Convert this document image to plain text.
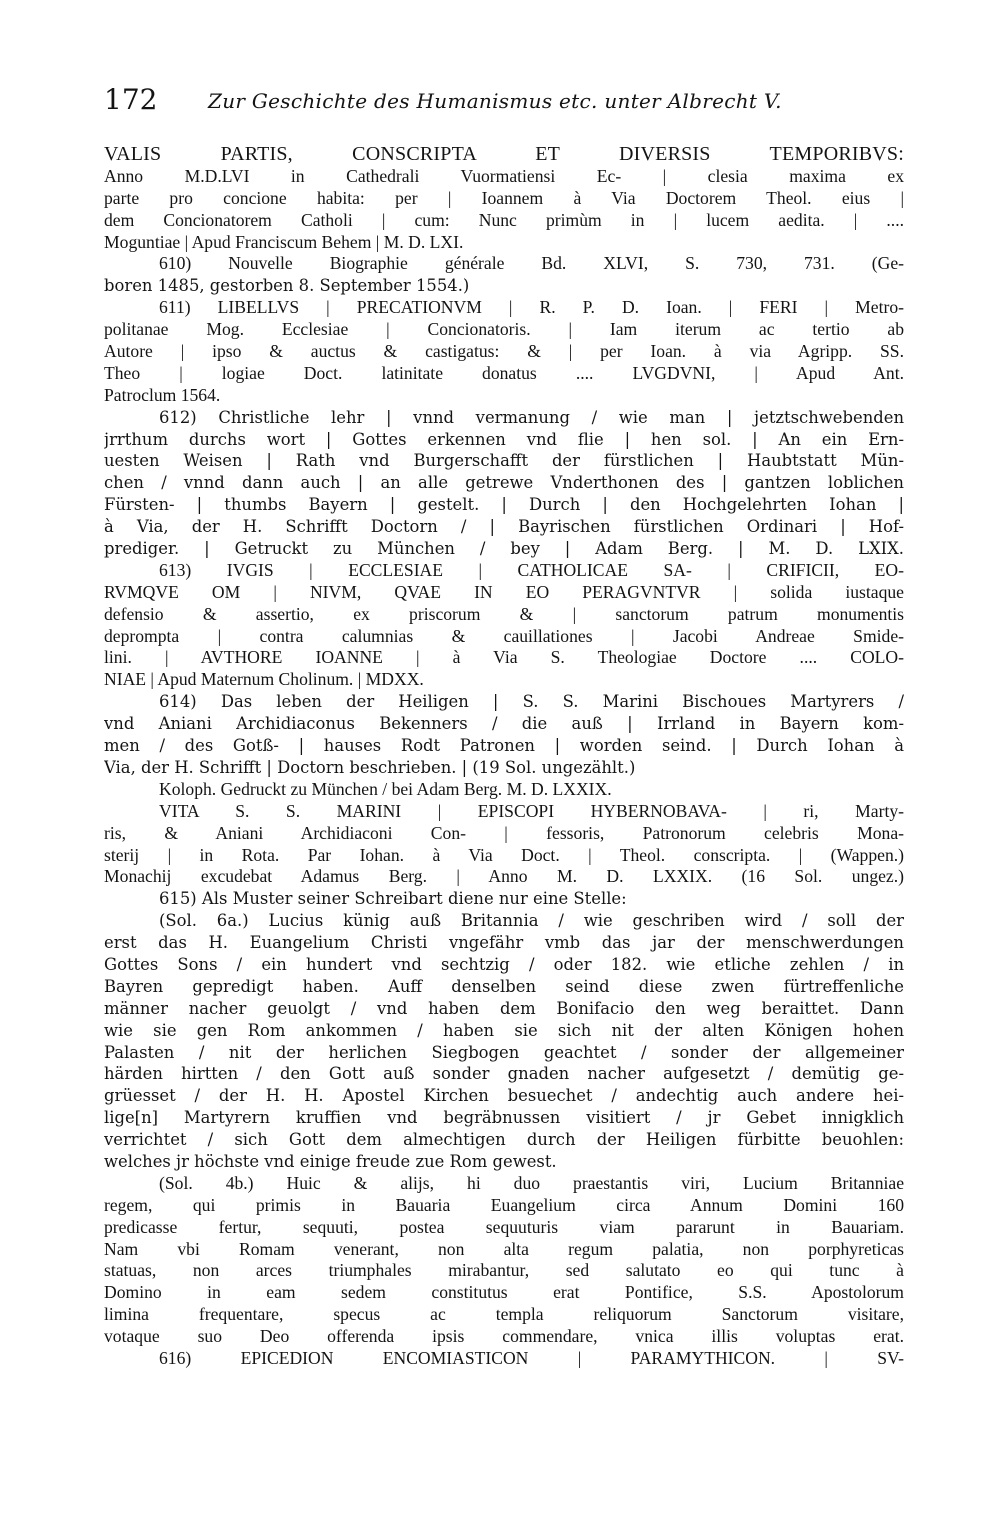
172	Zur Geschichte des Humanismus etc. unter Albrecht V.
VALIS PARTIS, CONSCRIPTA ET DIVERSIS TEMPORIBVS:
Anno M.D.LVI in Cathedrali Vuormatiensi Ec- | clesia maxima ex
parte pro concione habita: per | Ioannem à Via Doctorem Theol. eius |
dem Concionatorem Catholi | cum: Nunc primùm in | lucem aedita. | ....
Moguntiae | Apud Franciscum Behem | M. D. LXI.
610) Nouvelle Biographie générale Bd. XLVI, S. 730, 731. (Ge-
boren 1485, gestorben 8. September 1554.)
611) LIBELLVS | PRECATIONVM | R. P. D. Ioan. | FERI | Metro-
politanae Mog. Ecclesiae | Concionatoris. | Iam iterum ac tertio ab
Autore | ipso & auctus & castigatus: & | per Ioan. à via Agripp. SS.
Theo | logiae Doct. latinitate donatus .... LVGDVNI, | Apud Ant.
Patroclum 1564.
612) Christliche lehr | vnnd vermanung / wie man | jetztschwebenden
jrrthum durchs wort | Gottes erkennen vnd flie | hen sol. | An ein Ern-
uesten Weisen | Rath vnd Burgerschafft der fürstlichen | Haubtstatt Mün-
chen / vnnd dann auch | an alle getrewe Vnderthonen des | gantzen loblichen
Fürsten- | thumbs Bayern | gestelt. | Durch | den Hochgelehrten Iohan |
à Via, der H. Schrifft Doctorn / | Bayrischen fürstlichen Ordinari | Hof-
prediger. | Getruckt zu München / bey | Adam Berg. | M. D. LXIX.
613) IVGIS | ECCLESIAE | CATHOLICAE SA- | CRIFICII, EO-
RVMQVE OM | NIVM, QVAE IN EO PERAGVNTVR | solida iustaque
defensio & assertio, ex priscorum & | sanctorum patrum monumentis
deprompta | contra calumnias & cauillationes | Jacobi Andreae Smide-
lini. | AVTHORE IOANNE | à Via S. Theologiae Doctore .... COLO-
NIAE | Apud Maternum Cholinum. | MDXX.
614) Das leben der Heiligen | S. S. Marini Bischoues Martyrers /
vnd Aniani Archidiaconus Bekenners / die auß | Irrland in Bayern kom-
men / des Gotß- | hauses Rodt Patronen | worden seind. | Durch Iohan à
Via, der H. Schrifft | Doctorn beschrieben. | (19 Sol. ungezählt.)
Koloph. Gedruckt zu München / bei Adam Berg. M. D. LXXIX.
VITA S. S. MARINI | EPISCOPI HYBERNOBAVA- | ri, Marty-
ris, & Aniani Archidiaconi Con- | fessoris, Patronorum celebris Mona-
sterij | in Rota. Par Iohan. à Via Doct. | Theol. conscripta. | (Wappen.)
Monachij excudebat Adamus Berg. | Anno M. D. LXXIX. (16 Sol. ungez.)
615) Als Muster seiner Schreibart diene nur eine Stelle:
(Sol. 6a.) Lucius künig auß Britannia / wie geschriben wird / soll der
erst das H. Euangelium Christi vngefähr vmb das jar der menschwerdungen
Gottes Sons / ein hundert vnd sechtzig / oder 182. wie etliche zehlen / in
Bayren gepredigt haben. Auff denselben seind diese zwen fürtreffenliche
männer nacher geuolgt / vnd haben dem Bonifacio den weg beraittet. Dann
wie sie gen Rom ankommen / haben sie sich nit der alten Königen hohen
Palasten / nit der herlichen Siegbogen geachtet / sonder der allgemeiner
härden hirtten / den Gott auß sonder gnaden nacher aufgesetzt / demütig ge-
grüesset / der H. H. Apostel Kirchen besuechet / andechtig auch andere hei-
lige[n] Martyrern kruffien vnd begräbnussen visitiert / jr Gebet innigklich
verrichtet / sich Gott dem almechtigen durch der Heiligen fürbitte beuohlen:
welches jr höchste vnd einige freude zue Rom gewest.
(Sol. 4b.) Huic & alijs, hi duo praestantis viri, Lucium Britanniae
regem, qui primis in Bauaria Euangelium circa Annum Domini 160
predicasse fertur, sequuti, postea sequuturis viam pararunt in Bauariam.
Nam vbi Romam venerant, non alta regum palatia, non porphyreticas
statuas, non arces triumphales mirabantur, sed salutato eo qui tunc à
Domino in eam sedem constitutus erat Pontifice, S.S. Apostolorum
limina frequentare, specus ac templa reliquorum Sanctorum visitare,
votaque suo Deo offerenda ipsis commendare, vnica illis voluptas erat.
616) EPICEDION ENCOMIASTICON | PARAMYTHICON. | SV-
